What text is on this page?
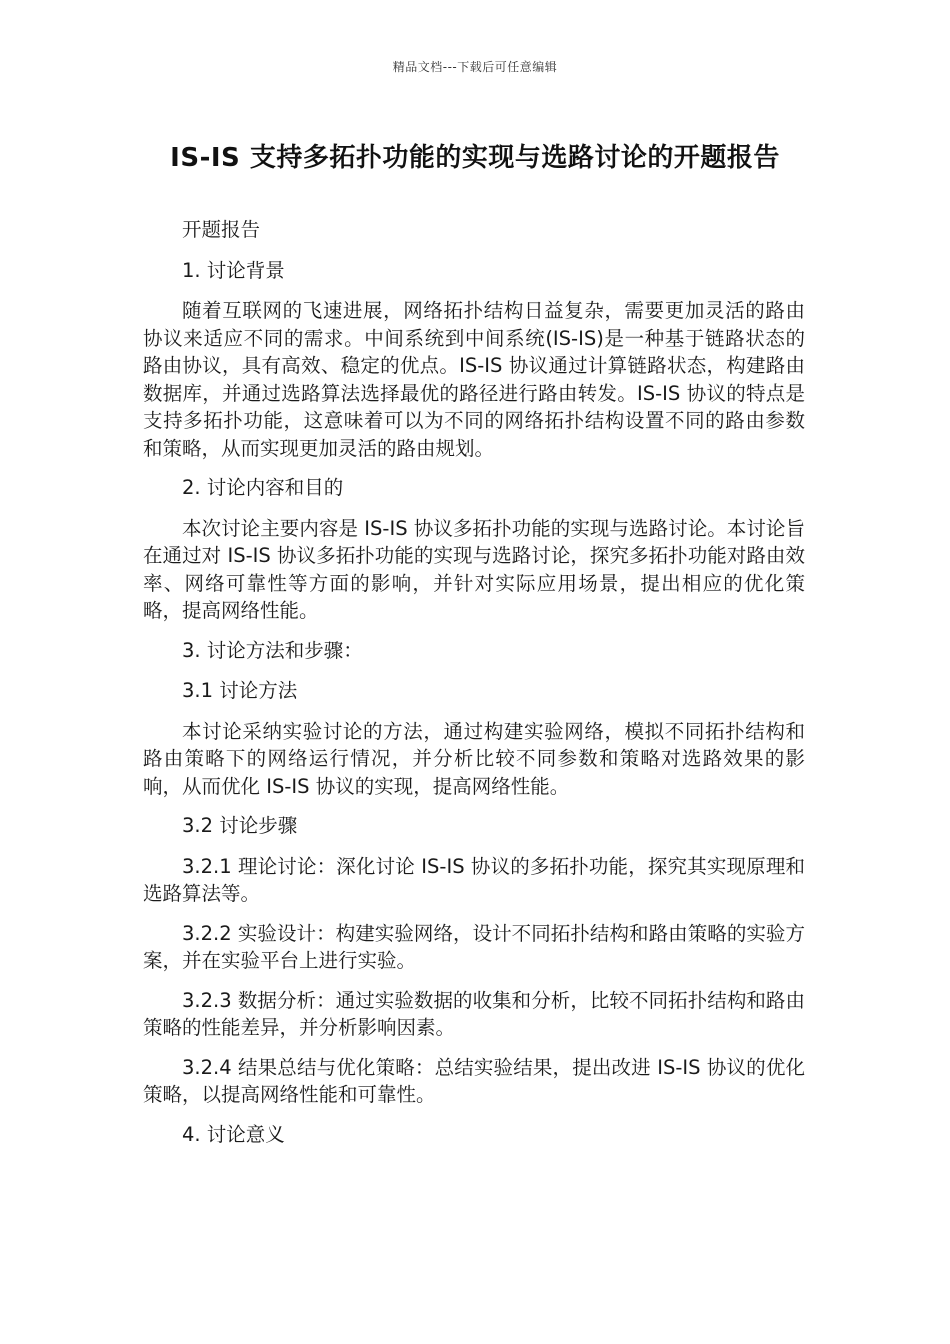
精品文档---下载后可任意编辑
IS-IS 支持多拓扑功能的实现与选路讨论的开题报告

开题报告

1. 讨论背景

随着互联网的飞速进展，网络拓扑结构日益复杂，需要更加灵活的路由协议来适应不同的需求。中间系统到中间系统(IS-IS)是一种基于链路状态的路由协议，具有高效、稳定的优点。IS-IS 协议通过计算链路状态，构建路由数据库，并通过选路算法选择最优的路径进行路由转发。IS-IS 协议的特点是支持多拓扑功能，这意味着可以为不同的网络拓扑结构设置不同的路由参数和策略，从而实现更加灵活的路由规划。

2. 讨论内容和目的

本次讨论主要内容是 IS-IS 协议多拓扑功能的实现与选路讨论。本讨论旨在通过对 IS-IS 协议多拓扑功能的实现与选路讨论，探究多拓扑功能对路由效率、网络可靠性等方面的影响，并针对实际应用场景，提出相应的优化策略，提高网络性能。

3. 讨论方法和步骤：

3.1 讨论方法

本讨论采纳实验讨论的方法，通过构建实验网络，模拟不同拓扑结构和路由策略下的网络运行情况，并分析比较不同参数和策略对选路效果的影响，从而优化 IS-IS 协议的实现，提高网络性能。

3.2 讨论步骤

3.2.1 理论讨论：深化讨论 IS-IS 协议的多拓扑功能，探究其实现原理和选路算法等。

3.2.2 实验设计：构建实验网络，设计不同拓扑结构和路由策略的实验方案，并在实验平台上进行实验。

3.2.3 数据分析：通过实验数据的收集和分析，比较不同拓扑结构和路由策略的性能差异，并分析影响因素。

3.2.4 结果总结与优化策略：总结实验结果，提出改进 IS-IS 协议的优化策略，以提高网络性能和可靠性。

4. 讨论意义
